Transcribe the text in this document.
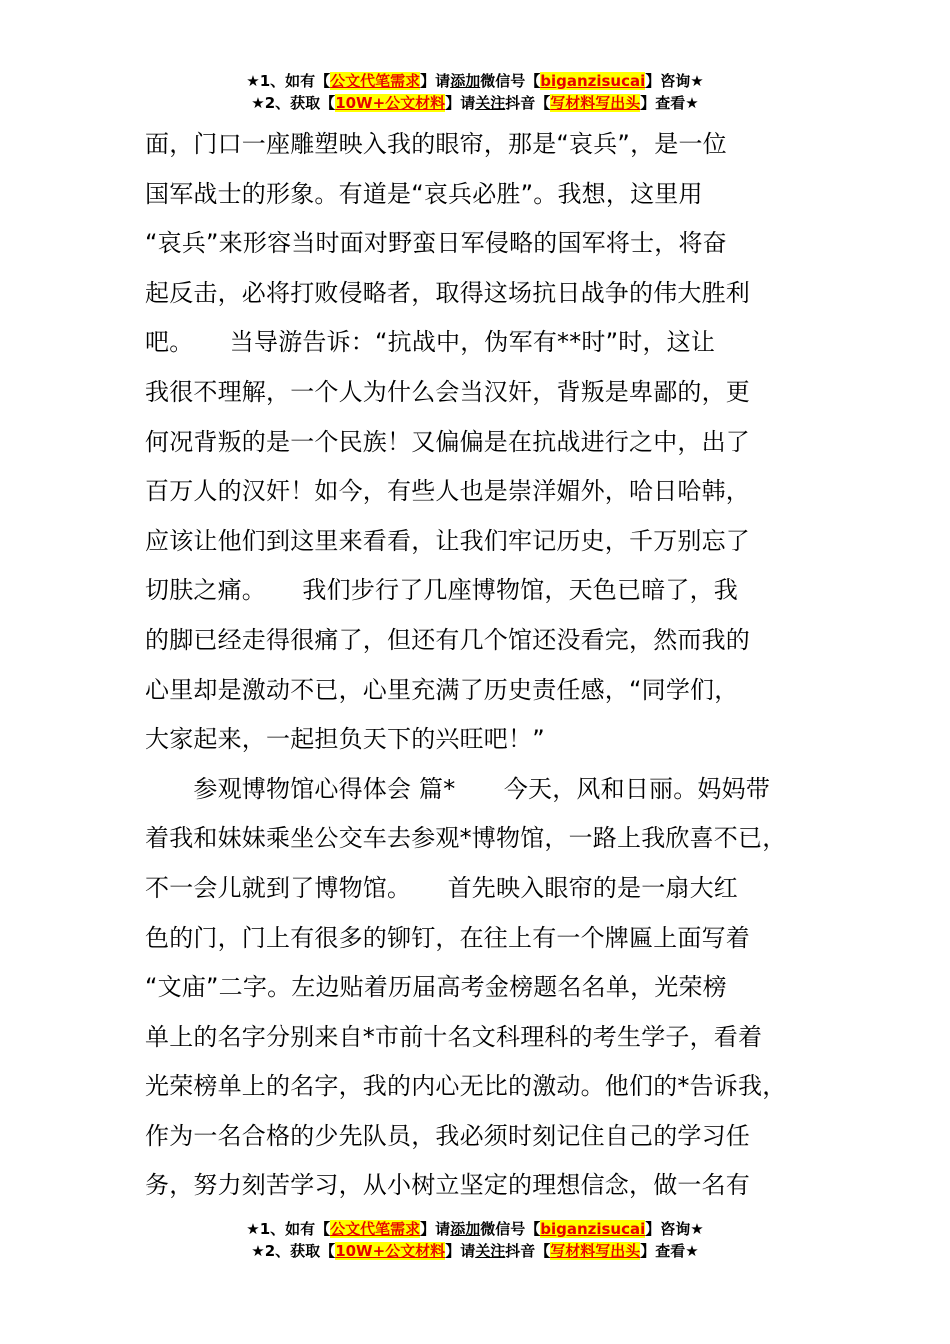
★1、如有【公文代笔需求】请添加微信号【biganzisucai】咨询★
★2、获取【10W+公文材料】请关注抖音【写材料写出头】查看★
面，门口一座雕塑映入我的眼帘，那是“哀兵”，是一位
国军战士的形象。有道是“哀兵必胜”。我想，这里用
“哀兵”来形容当时面对野蛮日军侵略的国军将士，将奋
起反击，必将打败侵略者，取得这场抗日战争的伟大胜利
吧。　　当导游告诉：“抗战中，伪军有**时”时，这让
我很不理解，一个人为什么会当汉奸，背叛是卑鄙的，更
何况背叛的是一个民族！又偏偏是在抗战进行之中，出了
百万人的汉奸！如今，有些人也是崇洋媚外，哈日哈韩，
应该让他们到这里来看看，让我们牢记历史，千万别忘了
切肤之痛。　　我们步行了几座博物馆，天色已暗了，我
的脚已经走得很痛了，但还有几个馆还没看完，然而我的
心里却是激动不已，心里充满了历史责任感，“同学们，
大家起来，一起担负天下的兴旺吧！”
　　参观博物馆心得体会 篇*　　今天，风和日丽。妈妈带
着我和妹妹乘坐公交车去参观*博物馆，一路上我欣喜不已，
不一会儿就到了博物馆。　　首先映入眼帘的是一扇大红
色的门，门上有很多的铆钉，在往上有一个牌匾上面写着
“文庙”二字。左边贴着历届高考金榜题名名单，光荣榜
单上的名字分别来自*市前十名文科理科的考生学子，看着
光荣榜单上的名字，我的内心无比的激动。他们的*告诉我，
作为一名合格的少先队员，我必须时刻记住自己的学习任
务，努力刻苦学习，从小树立坚定的理想信念，做一名有
★1、如有【公文代笔需求】请添加微信号【biganzisucai】咨询★
★2、获取【10W+公文材料】请关注抖音【写材料写出头】查看★
